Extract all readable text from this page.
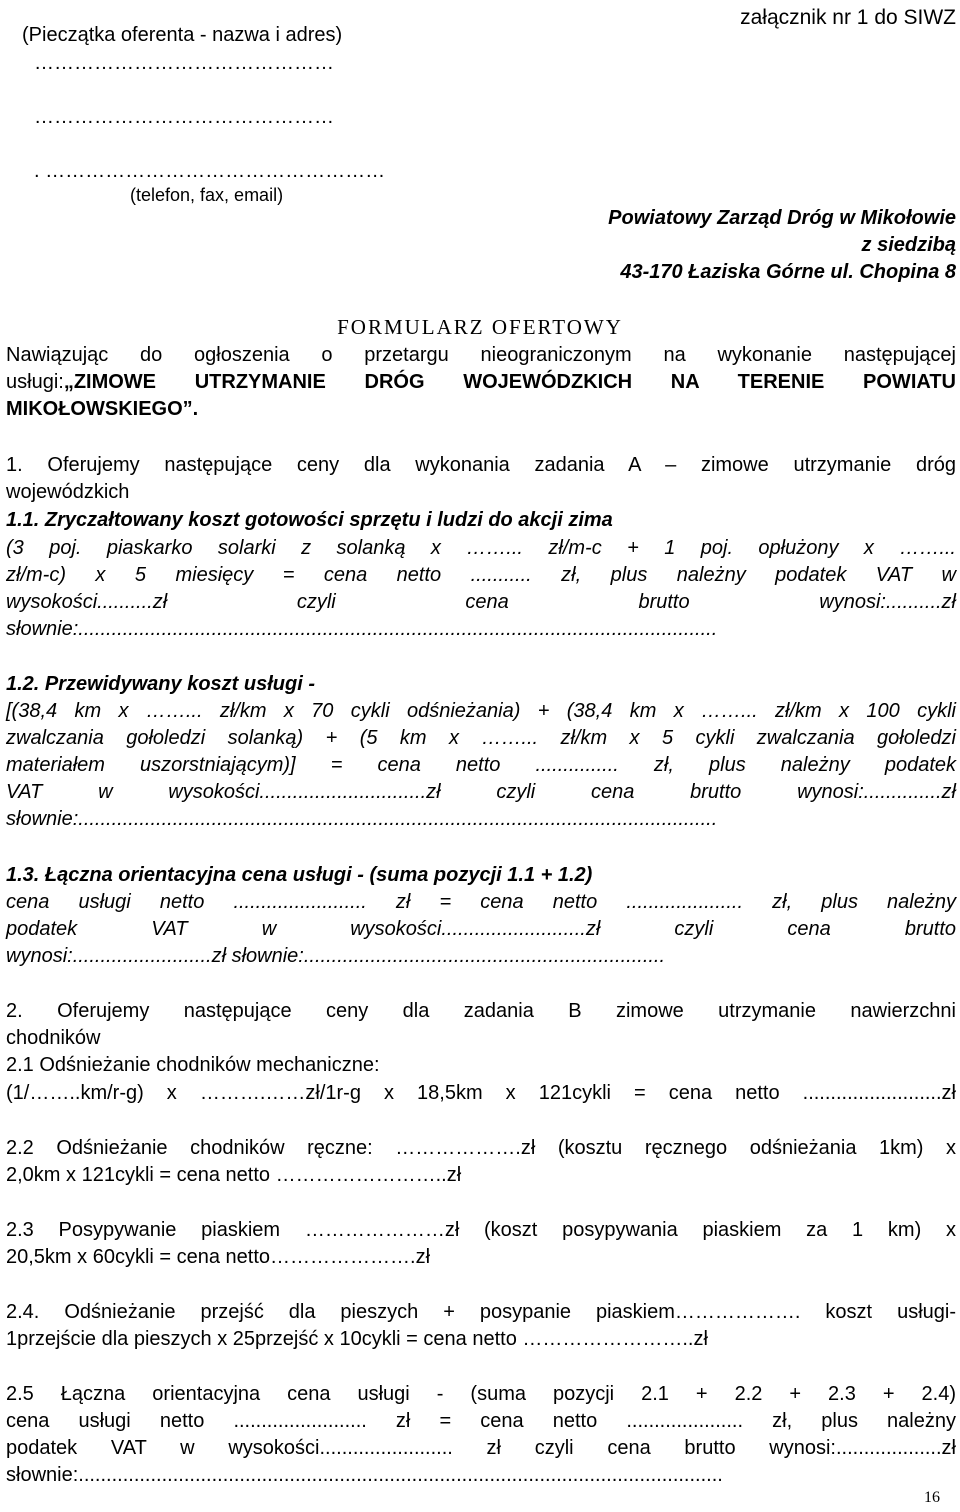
(Pieczątka oferenta - nazwa i adres)
………………………………………
………………………………………
. ……………………………………………
(telefon, fax, email)
załącznik nr 1 do SIWZ
Powiatowy Zarząd Dróg w Mikołowie
z siedzibą
43-170 Łaziska Górne ul. Chopina 8
FORMULARZ OFERTOWY
Nawiązując do ogłoszenia o przetargu nieograniczonym na wykonanie następującej
usługi:„ZIMOWE UTRZYMANIE DRÓG WOJEWÓDZKICH NA TERENIE POWIATU
MIKOŁOWSKIEGO”.
1. Oferujemy następujące ceny dla wykonania zadania A – zimowe utrzymanie dróg
wojewódzkich
1.1. Zryczałtowany koszt gotowości sprzętu i ludzi do akcji zima
(3 poj. piaskarko solarki z solanką x ……... zł/m-c + 1 poj. opłużony x ……...
zł/m-c) x 5 miesięcy = cena netto ........... zł, plus należny podatek VAT w
wysokości..........zł czyli cena brutto wynosi:..........zł
słownie:...................................................................................................................
1.2. Przewidywany koszt usługi -
[(38,4 km x ……... zł/km x 70 cykli odśnieżania) + (38,4 km x ……... zł/km x 100 cykli
zwalczania gołoledzi solanką) + (5 km x ……... zł/km x 5 cykli zwalczania gołoledzi
materiałem uszorstniającym)] = cena netto ............... zł, plus należny podatek
VAT w wysokości..............................zł czyli cena brutto wynosi:..............zł
słownie:...................................................................................................................
1.3. Łączna orientacyjna cena usługi - (suma pozycji 1.1 + 1.2)
cena usługi netto ........................ zł = cena netto ..................... zł, plus należny
podatek VAT w wysokości..........................zł czyli cena brutto
wynosi:.........................zł słownie:.................................................................
2. Oferujemy następujące ceny dla zadania B zimowe utrzymanie nawierzchni
chodników
2.1 Odśnieżanie chodników mechaniczne:
(1/……..km/r-g) x ……….……zł/1r-g x 18,5km x 121cykli = cena netto .........................zł
2.2 Odśnieżanie chodników ręczne: ……………….zł (kosztu ręcznego odśnieżania 1km) x
2,0km x 121cykli = cena netto ……………………..zł
2.3 Posypywanie piaskiem …………………zł (koszt posypywania piaskiem za 1 km) x
20,5km x 60cykli = cena netto………………….zł
2.4. Odśnieżanie przejść dla pieszych + posypanie piaskiem………………. koszt usługi-
1przejście dla pieszych x 25przejść x 10cykli = cena netto ……………………..zł
2.5 Łączna orientacyjna cena usługi - (suma pozycji 2.1 + 2.2 + 2.3 + 2.4)
cena usługi netto ........................ zł = cena netto ..................... zł, plus należny
podatek VAT w wysokości........................ zł czyli cena brutto wynosi:...................zł
słownie:....................................................................................................................
16
